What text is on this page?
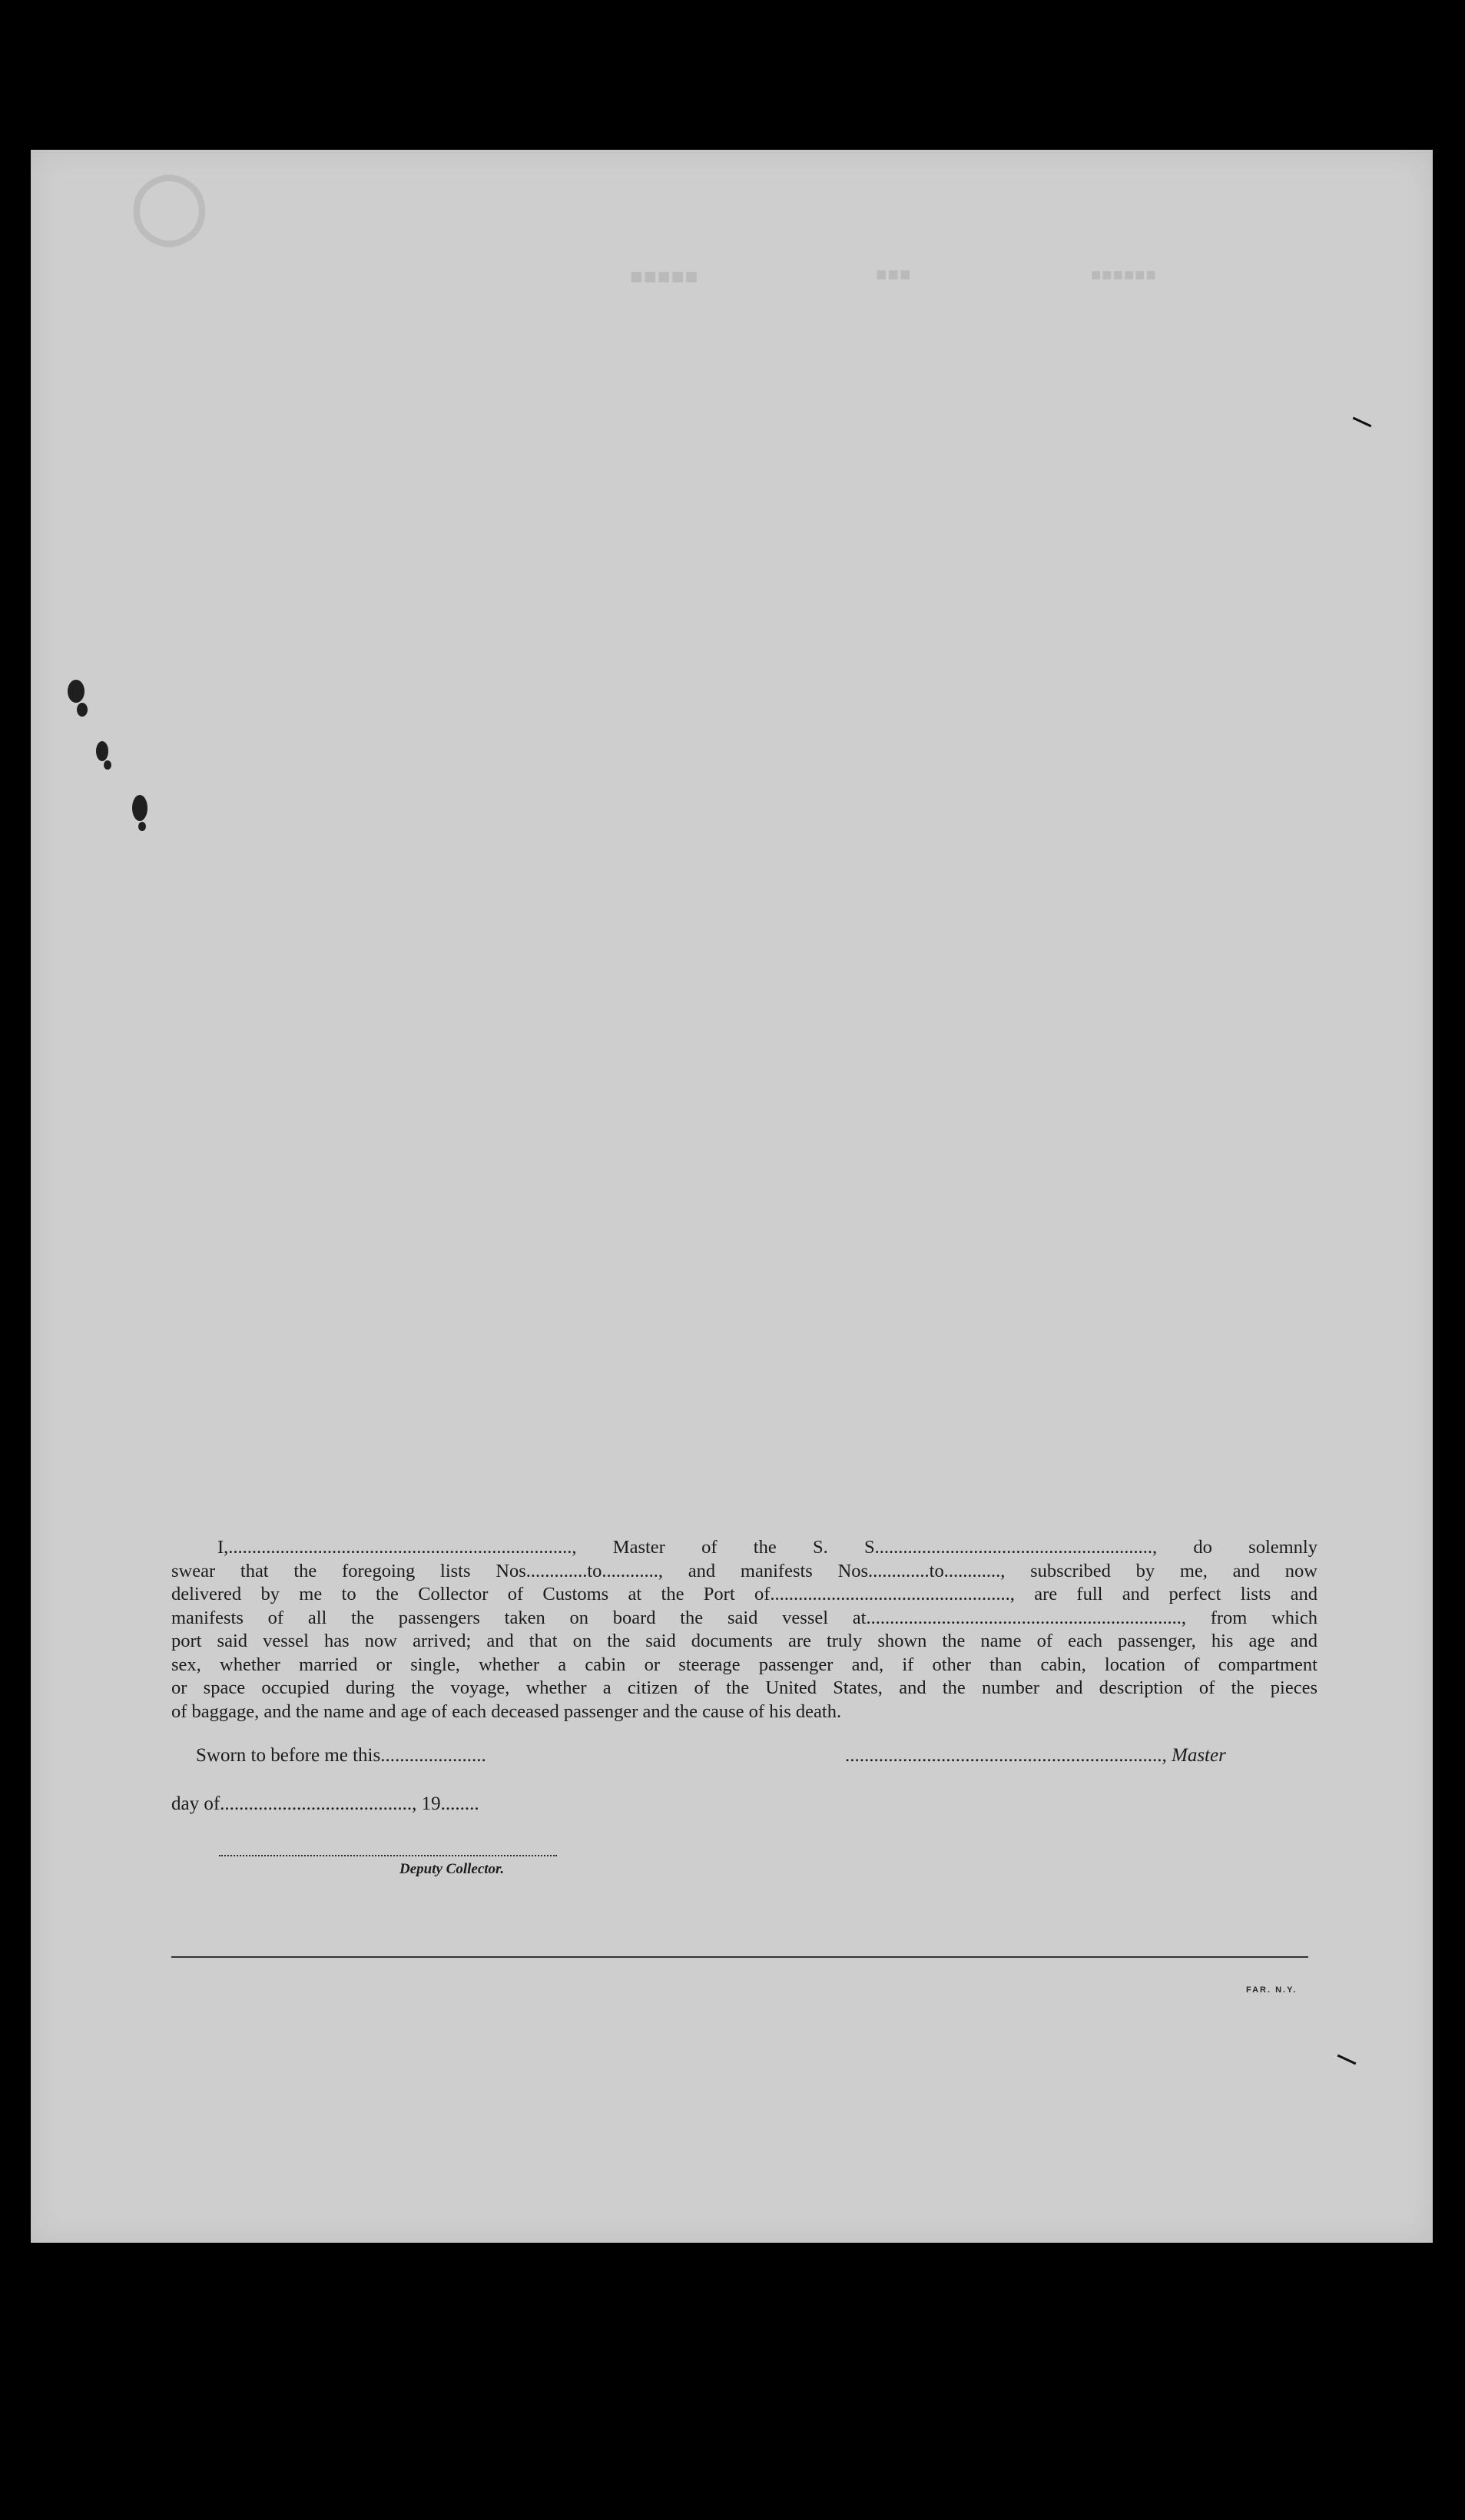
■■■■■	■■■	■■■■■■
◯
I,........................................................................., Master of the S. S..........................................................., do solemnly
swear that the foregoing lists Nos.............to............, and manifests Nos.............to............, subscribed by me, and now
delivered by me to the Collector of Customs at the Port of..................................................., are full and perfect lists and
manifests of all the passengers taken on board the said vessel at..................................................................., from which
port said vessel has now arrived; and that on the said documents are truly shown the name of each passenger, his age and
sex, whether married or single, whether a cabin or steerage passenger and, if other than cabin, location of compartment
or space occupied during the voyage, whether a citizen of the United States, and the number and description of the pieces
of baggage, and the name and age of each deceased passenger and the cause of his death.
Sworn to before me this......................	.................................................................., Master
day of........................................, 19........
Deputy Collector.
FAR. N.Y.
